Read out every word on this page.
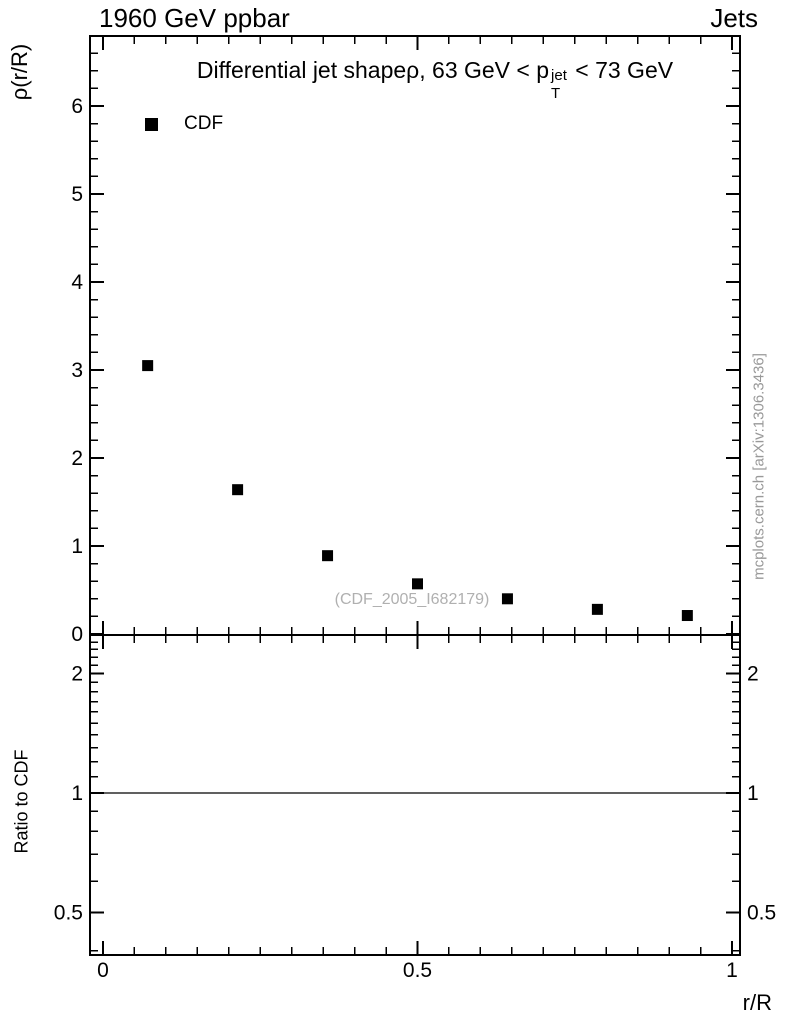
0	0.5	1
0
1
2
3
4
5
6
0.5	0.5
1	1
2	2
1960 GeV ppbar	Jets
Differential jet shapeρ, 63 GeV < p jet
T
< 73 GeV
CDF
ρ(r/R)
Ratio to CDF
mcplots.cern.ch [arXiv:1306.3436]
(CDF_2005_I682179)
r/R
